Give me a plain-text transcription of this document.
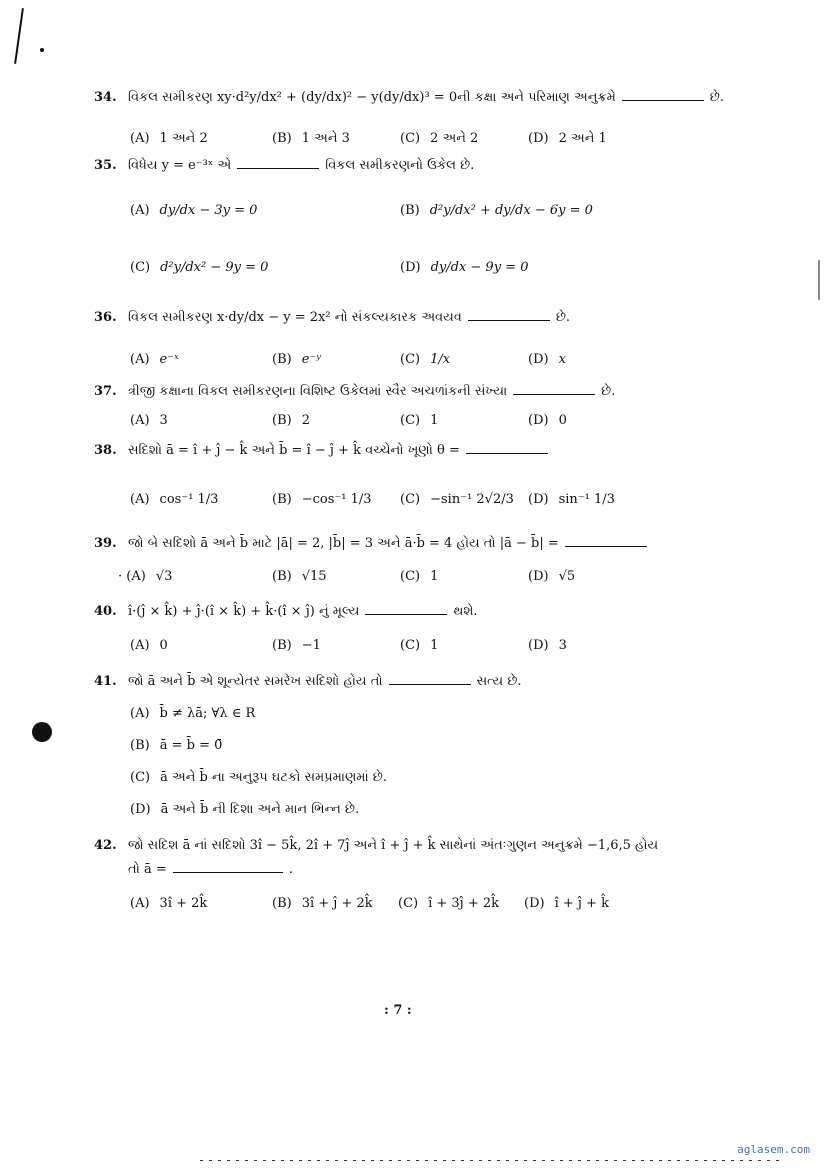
34. વિકલ સમીકરણ xy·d²y/dx² + (dy/dx)² − y(dy/dx)³ = 0ની કક્ષા અને પરિમાણ અનુક્રમે	છે.
(A) 1 અને 2	(B) 1 અને 3	(C) 2 અને 2	(D) 2 અને 1
35. વિધેય y = e⁻³ˣ એ	વિકલ સમીકરણનો ઉકેલ છે.
(A) dy/dx − 3y = 0	(B) d²y/dx² + dy/dx − 6y = 0
(C) d²y/dx² − 9y = 0	(D) dy/dx − 9y = 0
36. વિકલ સમીકરણ x·dy/dx − y = 2x² નો સંકલ્યકારક અવયવ	છે.
(A) e⁻ˣ	(B) e⁻ʸ	(C) 1/x	(D) x
37. ત્રીજી કક્ષાના વિકલ સમીકરણના વિશિષ્ટ ઉકેલમાં સ્વૈર અચળાંકની સંખ્યા	છે.
(A) 3	(B) 2	(C) 1	(D) 0
38. સદિશો ā = î + ĵ − k̂ અને b̄ = î − ĵ + k̂ વચ્ચેનો ખૂણો θ =
(A) cos⁻¹ 1/3	(B) −cos⁻¹ 1/3 (C) −sin⁻¹ 2√2/3 (D) sin⁻¹ 1/3
39. જો બે સદિશો ā અને b̄ માટે |ā| = 2, |b̄| = 3 અને ā·b̄ = 4 હોય તો |ā − b̄| =
· (A) √3	(B) √15	(C) 1	(D) √5
40. î·(ĵ × k̂) + ĵ·(î × k̂) + k̂·(î × ĵ) નું મૂલ્ય	થશે.
(A) 0	(B) −1	(C) 1	(D) 3
41. જો ā અને b̄ એ શૂન્યેતર સમરેખ સદિશો હોય તો	સત્ય છે.
(A) b̄ ≠ λā; ∀λ ∈ R
(B) ā = b̄ = 0̄
(C) ā અને b̄ ના અનુરૂપ ઘટકો સમપ્રમાણમાં છે.
(D) ā અને b̄ ની દિશા અને માન ભિન્ન છે.
42. જો સદિશ ā નાં સદિશો 3î − 5k̂, 2î + 7ĵ અને î + ĵ + k̂ સાથેનાં અંતઃગુણન અનુક્રમે −1,6,5 હોય
તો ā =	.
(A) 3î + 2k̂	(B) 3î + ĵ + 2k̂ (C) î + 3ĵ + 2k̂ (D) î + ĵ + k̂
: 7 :
aglasem.com
